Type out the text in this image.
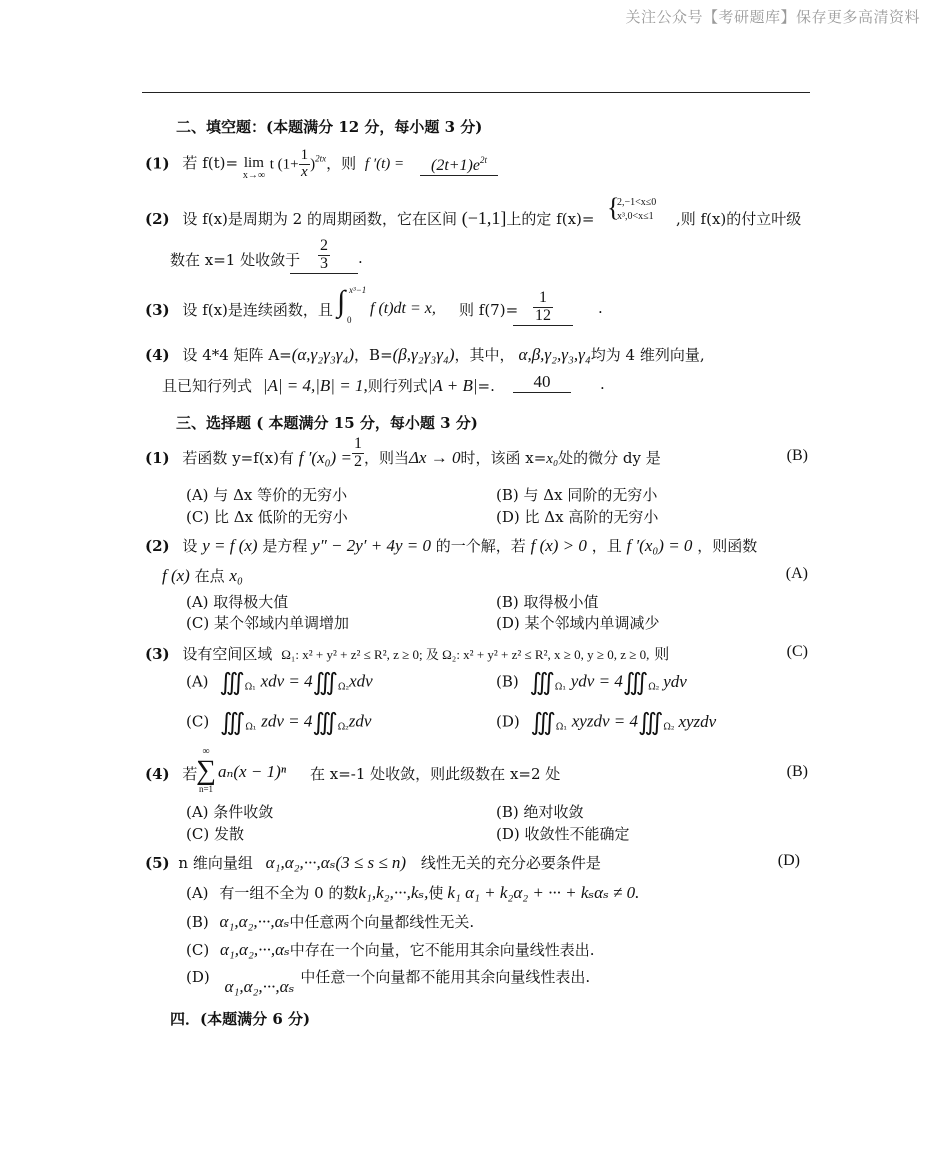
关注公众号【考研题库】保存更多高清资料
二、填空题：(本题满分 12 分，每小题 3 分)
(1) 若 f(t)= lim
x→∞
t $(1+ \frac{1}{x} )^{2tx}$，则 f ′(t) =	$(2t+1)e^{2t}$
(2) 设 f(x)是周期为 2 的周期函数，它在区间 (−1,1]上的定 f(x)= {
2,−1<x≤0
x³,0<x≤1 ,则 f(x)的付立叶级
数在 x=1 处收敛于 $\frac{2}{3}$ .
(3) 设 f(x)是连续函数，且 ∫ x³−1
0
f (t)dt = x, 则 $f(7)= \frac{1}{12}$	.
(4) 设 4*4 矩阵 A=(α,γ₂γ₃γ₄)，B=(β,γ₂γ₃γ₄)，其中， α,β,γ₂,γ₃,γ₄均为 4 维列向量,
且已知行列式 |A| = 4,|B| = 1,则行列式|A + B|=.	40	.
三、选择题 ( 本题满分 15 分，每小题 3 分)
(1) 若函数 y=f(x)有 f $'(x_0) = \frac{1}{2}$ ，则当Δx → 0时，该函 x=x₀处的微分 dy 是	(B)
(A) 与 Δx 等价的无穷小	(B) 与 Δx 同阶的无穷小
(C) 比 Δx 低阶的无穷小	(D) 比 Δx 高阶的无穷小
(2) 设 y = f (x) 是方程 y″ − 2y′ + 4y = 0 的一个解，若 f (x) > 0 ，且 f ′(x₀) = 0 ，则函数
f (x) 在点 x₀	(A)
(A) 取得极大值	(B) 取得极小值
(C) 某个邻域内单调增加	(D) 某个邻域内单调减少
(3) 设有空间区域 Ω₁: x² + y² + z² ≤ R², z ≥ 0; 及 Ω₂: x² + y² + z² ≤ R², x ≥ 0, y ≥ 0, z ≥ 0, 则	(C)
(A) $∭_{\Omega_1}$ xdv = $4∭_{\Omega_2}xdv$	(B) $∭_{\Omega_1}$ ydv = $4∭_{\Omega_2}$ ydv
(C) $∭_{\Omega_1}$ zdv = $4∭_{\Omega_2}zdv$	(D) $∭_{\Omega_1}$ xyzdv = $4∭_{\Omega_2}$ xyzdv
(4) 若
∞
∑
n=1
aₙ(x − 1)ⁿ 在 x=-1 处收敛，则此级数在 x=2 处	(B)
(A) 条件收敛	(B) 绝对收敛
(C) 发散	(D) 收敛性不能确定
(5) n 维向量组 α₁,α₂,···,αₛ(3 ≤ s ≤ n) 线性无关的充分必要条件是	(D)
(A) 有一组不全为 0 的数k₁,k₂,···,kₛ,使 k₁ α₁ + k₂α₂ + ··· + kₛαₛ ≠ 0.
(B) α₁,α₂,···,αₛ中任意两个向量都线性无关.
(C) α₁,α₂,···,αₛ中存在一个向量，它不能用其余向量线性表出.
(D) α₁,α₂,···,αₛ 中任意一个向量都不能用其余向量线性表出.
四．(本题满分 6 分)
